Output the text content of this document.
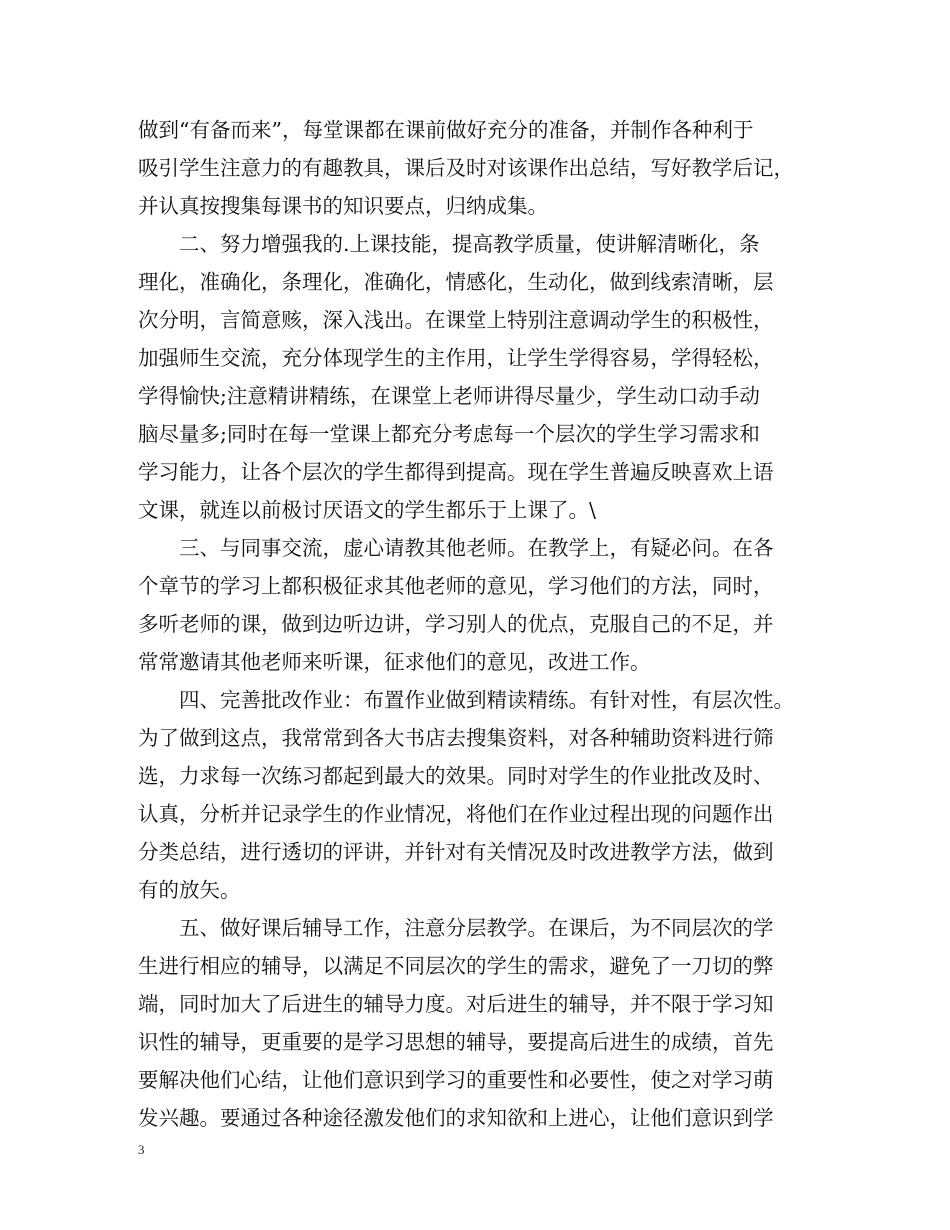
做到“有备而来”，每堂课都在课前做好充分的准备，并制作各种利于
吸引学生注意力的有趣教具，课后及时对该课作出总结，写好教学后记，
并认真按搜集每课书的知识要点，归纳成集。
二、努力增强我的.上课技能，提高教学质量，使讲解清晰化，条
理化，准确化，条理化，准确化，情感化，生动化，做到线索清晰，层
次分明，言简意赅，深入浅出。在课堂上特别注意调动学生的积极性，
加强师生交流，充分体现学生的主作用，让学生学得容易，学得轻松，
学得愉快;注意精讲精练，在课堂上老师讲得尽量少，学生动口动手动
脑尽量多;同时在每一堂课上都充分考虑每一个层次的学生学习需求和
学习能力，让各个层次的学生都得到提高。现在学生普遍反映喜欢上语
文课，就连以前极讨厌语文的学生都乐于上课了。\
三、与同事交流，虚心请教其他老师。在教学上，有疑必问。在各
个章节的学习上都积极征求其他老师的意见，学习他们的方法，同时，
多听老师的课，做到边听边讲，学习别人的优点，克服自己的不足，并
常常邀请其他老师来听课，征求他们的意见，改进工作。
四、完善批改作业：布置作业做到精读精练。有针对性，有层次性。
为了做到这点，我常常到各大书店去搜集资料，对各种辅助资料进行筛
选，力求每一次练习都起到最大的效果。同时对学生的作业批改及时、
认真，分析并记录学生的作业情况，将他们在作业过程出现的问题作出
分类总结，进行透切的评讲，并针对有关情况及时改进教学方法，做到
有的放矢。
五、做好课后辅导工作，注意分层教学。在课后，为不同层次的学
生进行相应的辅导，以满足不同层次的学生的需求，避免了一刀切的弊
端，同时加大了后进生的辅导力度。对后进生的辅导，并不限于学习知
识性的辅导，更重要的是学习思想的辅导，要提高后进生的成绩，首先
要解决他们心结，让他们意识到学习的重要性和必要性，使之对学习萌
发兴趣。要通过各种途径激发他们的求知欲和上进心，让他们意识到学
3
